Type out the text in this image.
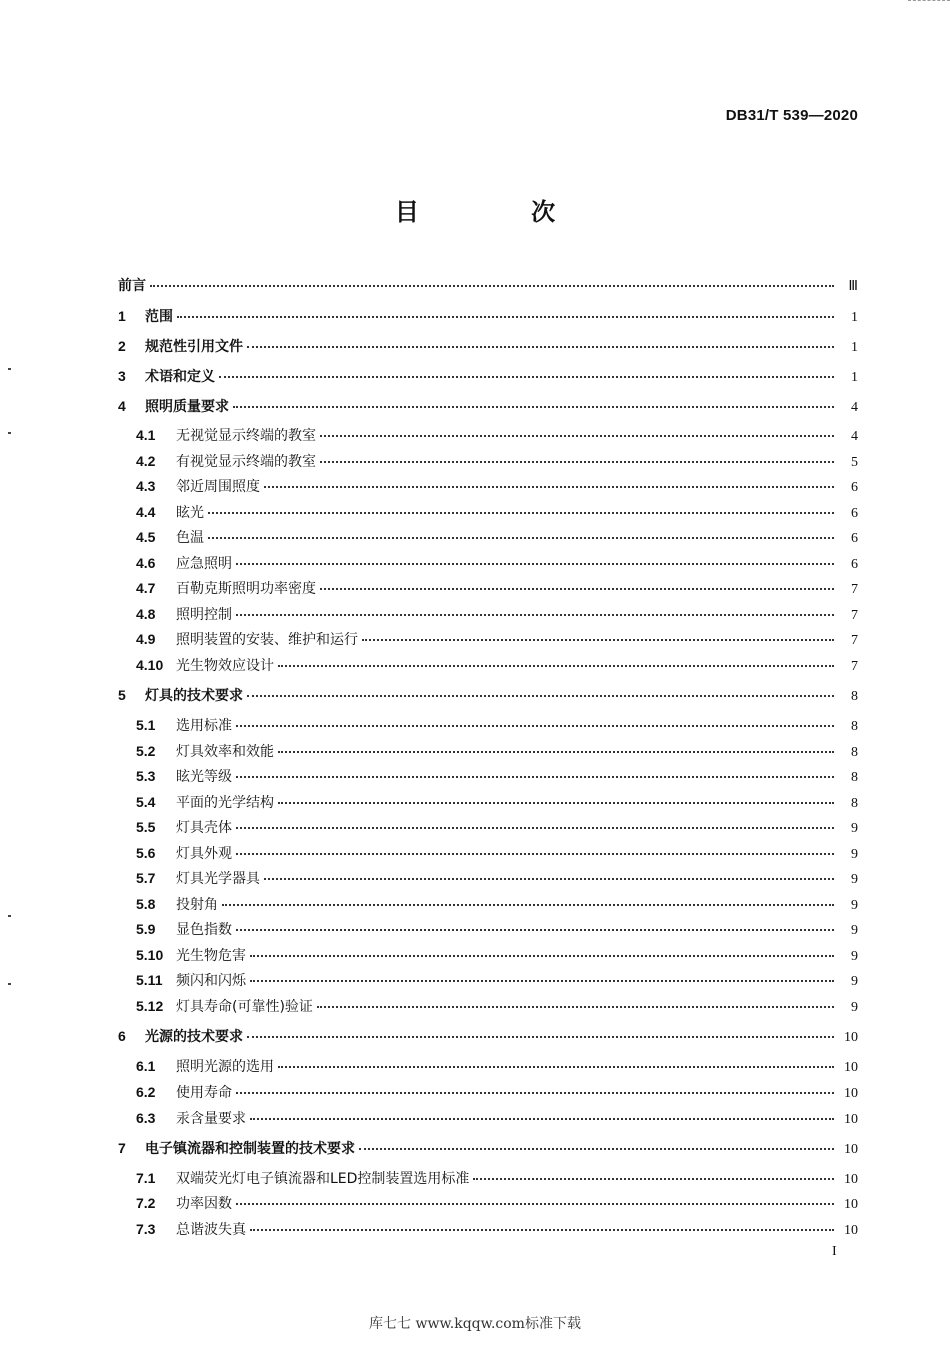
DB31/T 539—2020
目 次
前言	Ⅲ
1	范围	1
2	规范性引用文件	1
3	术语和定义	1
4	照明质量要求	4
4.1	无视觉显示终端的教室	4
4.2	有视觉显示终端的教室	5
4.3	邻近周围照度	6
4.4	眩光	6
4.5	色温	6
4.6	应急照明	6
4.7	百勒克斯照明功率密度	7
4.8	照明控制	7
4.9	照明装置的安装、维护和运行	7
4.10 光生物效应设计	7
5	灯具的技术要求	8
5.1	选用标准	8
5.2	灯具效率和效能	8
5.3	眩光等级	8
5.4	平面的光学结构	8
5.5	灯具壳体	9
5.6	灯具外观	9
5.7	灯具光学器具	9
5.8	投射角	9
5.9	显色指数	9
5.10 光生物危害	9
5.11 频闪和闪烁	9
5.12 灯具寿命(可靠性)验证	9
6	光源的技术要求	10
6.1	照明光源的选用	10
6.2	使用寿命	10
6.3	汞含量要求	10
7	电子镇流器和控制装置的技术要求	10
7.1	双端荧光灯电子镇流器和LED控制装置选用标准	10
7.2	功率因数	10
7.3	总谐波失真	10
I
库七七 www.kqqw.com标准下载
